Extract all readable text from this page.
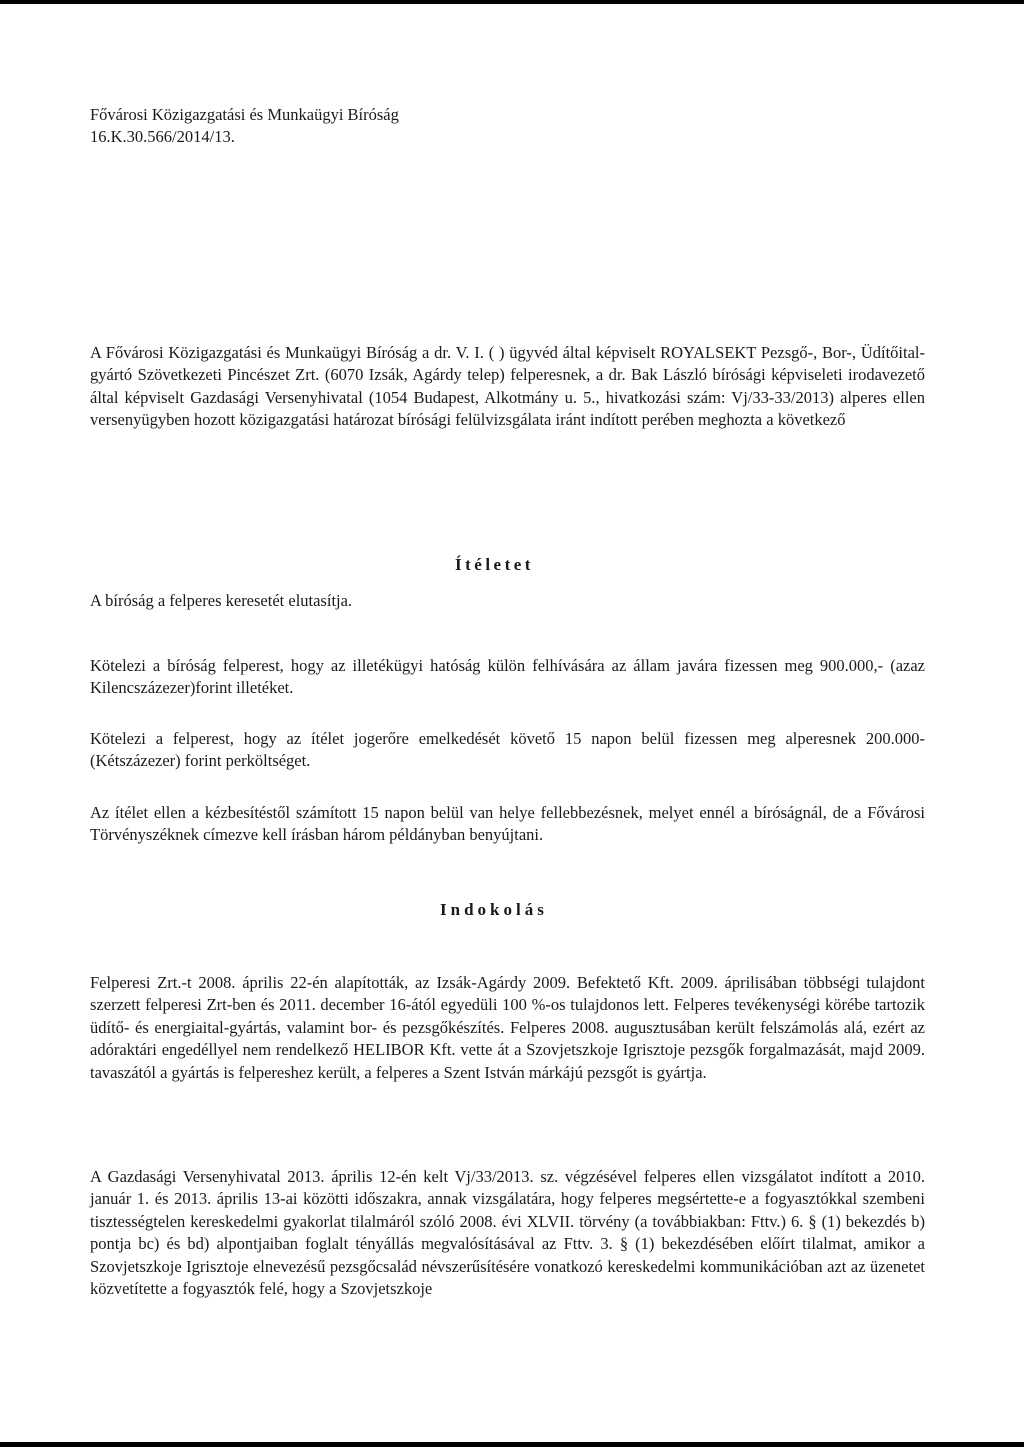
Fővárosi Közigazgatási és Munkaügyi Bíróság
16.K.30.566/2014/13.

A Fővárosi Közigazgatási és Munkaügyi Bíróság a dr. V. I. ( ) ügyvéd által képviselt ROYALSEKT Pezsgő-, Bor-, Üdítőital-gyártó Szövetkezeti Pincészet Zrt. (6070 Izsák, Agárdy telep) felperesnek, a dr. Bak László bírósági képviseleti irodavezető által képviselt Gazdasági Versenyhivatal (1054 Budapest, Alkotmány u. 5., hivatkozási szám: Vj/33-33/2013) alperes ellen versenyügyben hozott közigazgatási határozat bírósági felülvizsgálata iránt indított perében meghozta a következő

Ítéletet

A bíróság a felperes keresetét elutasítja.

Kötelezi a bíróság felperest, hogy az illetékügyi hatóság külön felhívására az állam javára fizessen meg 900.000,- (azaz Kilencszázezer)forint illetéket.

Kötelezi a felperest, hogy az ítélet jogerőre emelkedését követő 15 napon belül fizessen meg alperesnek 200.000- (Kétszázezer) forint perköltséget.

Az ítélet ellen a kézbesítéstől számított 15 napon belül van helye fellebbezésnek, melyet ennél a bíróságnál, de a Fővárosi Törvényszéknek címezve kell írásban három példányban benyújtani.

Indokolás

Felperesi Zrt.-t 2008. április 22-én alapították, az Izsák-Agárdy 2009. Befektető Kft. 2009. áprilisában többségi tulajdont szerzett felperesi Zrt-ben és 2011. december 16-ától egyedüli 100 %-os tulajdonos lett. Felperes tevékenységi körébe tartozik üdítő- és energiaital-gyártás, valamint bor- és pezsgőkészítés. Felperes 2008. augusztusában került felszámolás alá, ezért az adóraktári engedéllyel nem rendelkező HELIBOR Kft. vette át a Szovjetszkoje Igrisztoje pezsgők forgalmazását, majd 2009. tavaszától a gyártás is felpereshez került, a felperes a Szent István márkájú pezsgőt is gyártja.

A Gazdasági Versenyhivatal 2013. április 12-én kelt Vj/33/2013. sz. végzésével felperes ellen vizsgálatot indított a 2010. január 1. és 2013. április 13-ai közötti időszakra, annak vizsgálatára, hogy felperes megsértette-e a fogyasztókkal szembeni tisztességtelen kereskedelmi gyakorlat tilalmáról szóló 2008. évi XLVII. törvény (a továbbiakban: Fttv.) 6. § (1) bekezdés b) pontja bc) és bd) alpontjaiban foglalt tényállás megvalósításával az Fttv. 3. § (1) bekezdésében előírt tilalmat, amikor a Szovjetszkoje Igrisztoje elnevezésű pezsgőcsalád névszerűsítésére vonatkozó kereskedelmi kommunikációban azt az üzenetet közvetítette a fogyasztók felé, hogy a Szovjetszkoje
